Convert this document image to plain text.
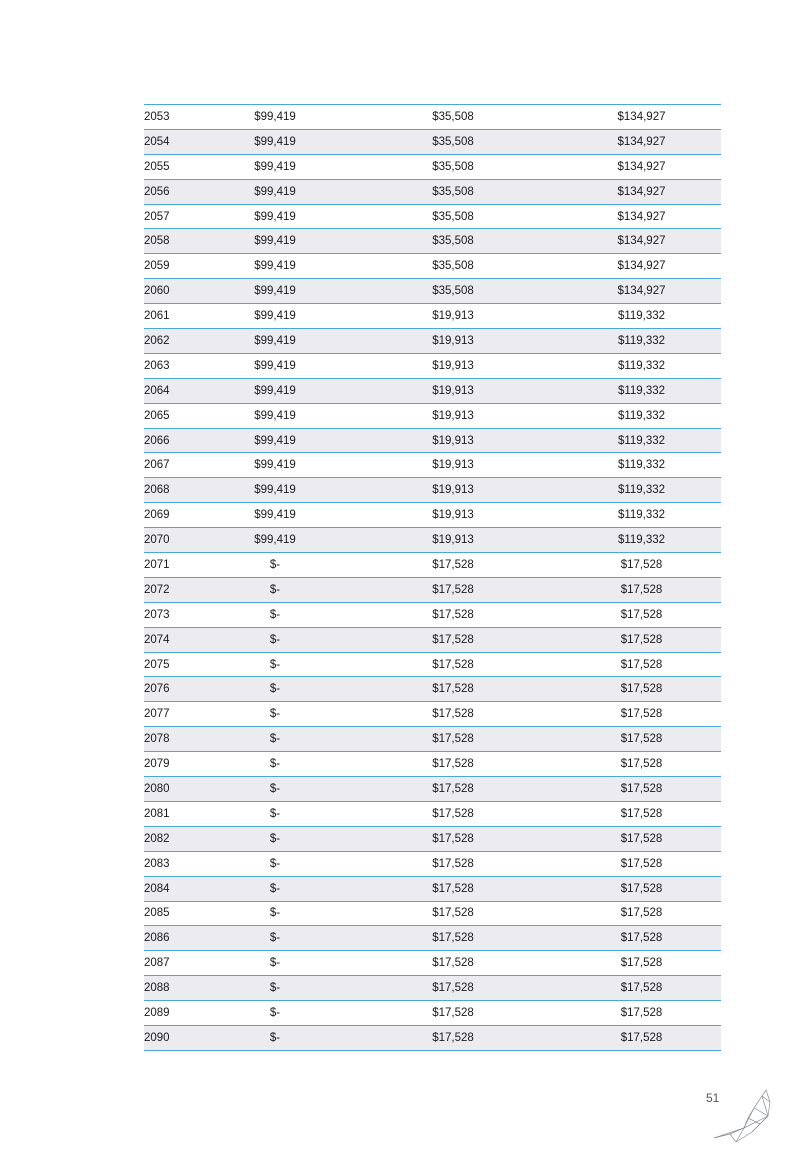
2053	$99,419	$35,508	$134,927
2054	$99,419	$35,508	$134,927
2055	$99,419	$35,508	$134,927
2056	$99,419	$35,508	$134,927
2057	$99,419	$35,508	$134,927
2058	$99,419	$35,508	$134,927
2059	$99,419	$35,508	$134,927
2060	$99,419	$35,508	$134,927
2061	$99,419	$19,913	$119,332
2062	$99,419	$19,913	$119,332
2063	$99,419	$19,913	$119,332
2064	$99,419	$19,913	$119,332
2065	$99,419	$19,913	$119,332
2066	$99,419	$19,913	$119,332
2067	$99,419	$19,913	$119,332
2068	$99,419	$19,913	$119,332
2069	$99,419	$19,913	$119,332
2070	$99,419	$19,913	$119,332
2071	$-	$17,528	$17,528
2072	$-	$17,528	$17,528
2073	$-	$17,528	$17,528
2074	$-	$17,528	$17,528
2075	$-	$17,528	$17,528
2076	$-	$17,528	$17,528
2077	$-	$17,528	$17,528
2078	$-	$17,528	$17,528
2079	$-	$17,528	$17,528
2080	$-	$17,528	$17,528
2081	$-	$17,528	$17,528
2082	$-	$17,528	$17,528
2083	$-	$17,528	$17,528
2084	$-	$17,528	$17,528
2085	$-	$17,528	$17,528
2086	$-	$17,528	$17,528
2087	$-	$17,528	$17,528
2088	$-	$17,528	$17,528
2089	$-	$17,528	$17,528
2090	$-	$17,528	$17,528
51
